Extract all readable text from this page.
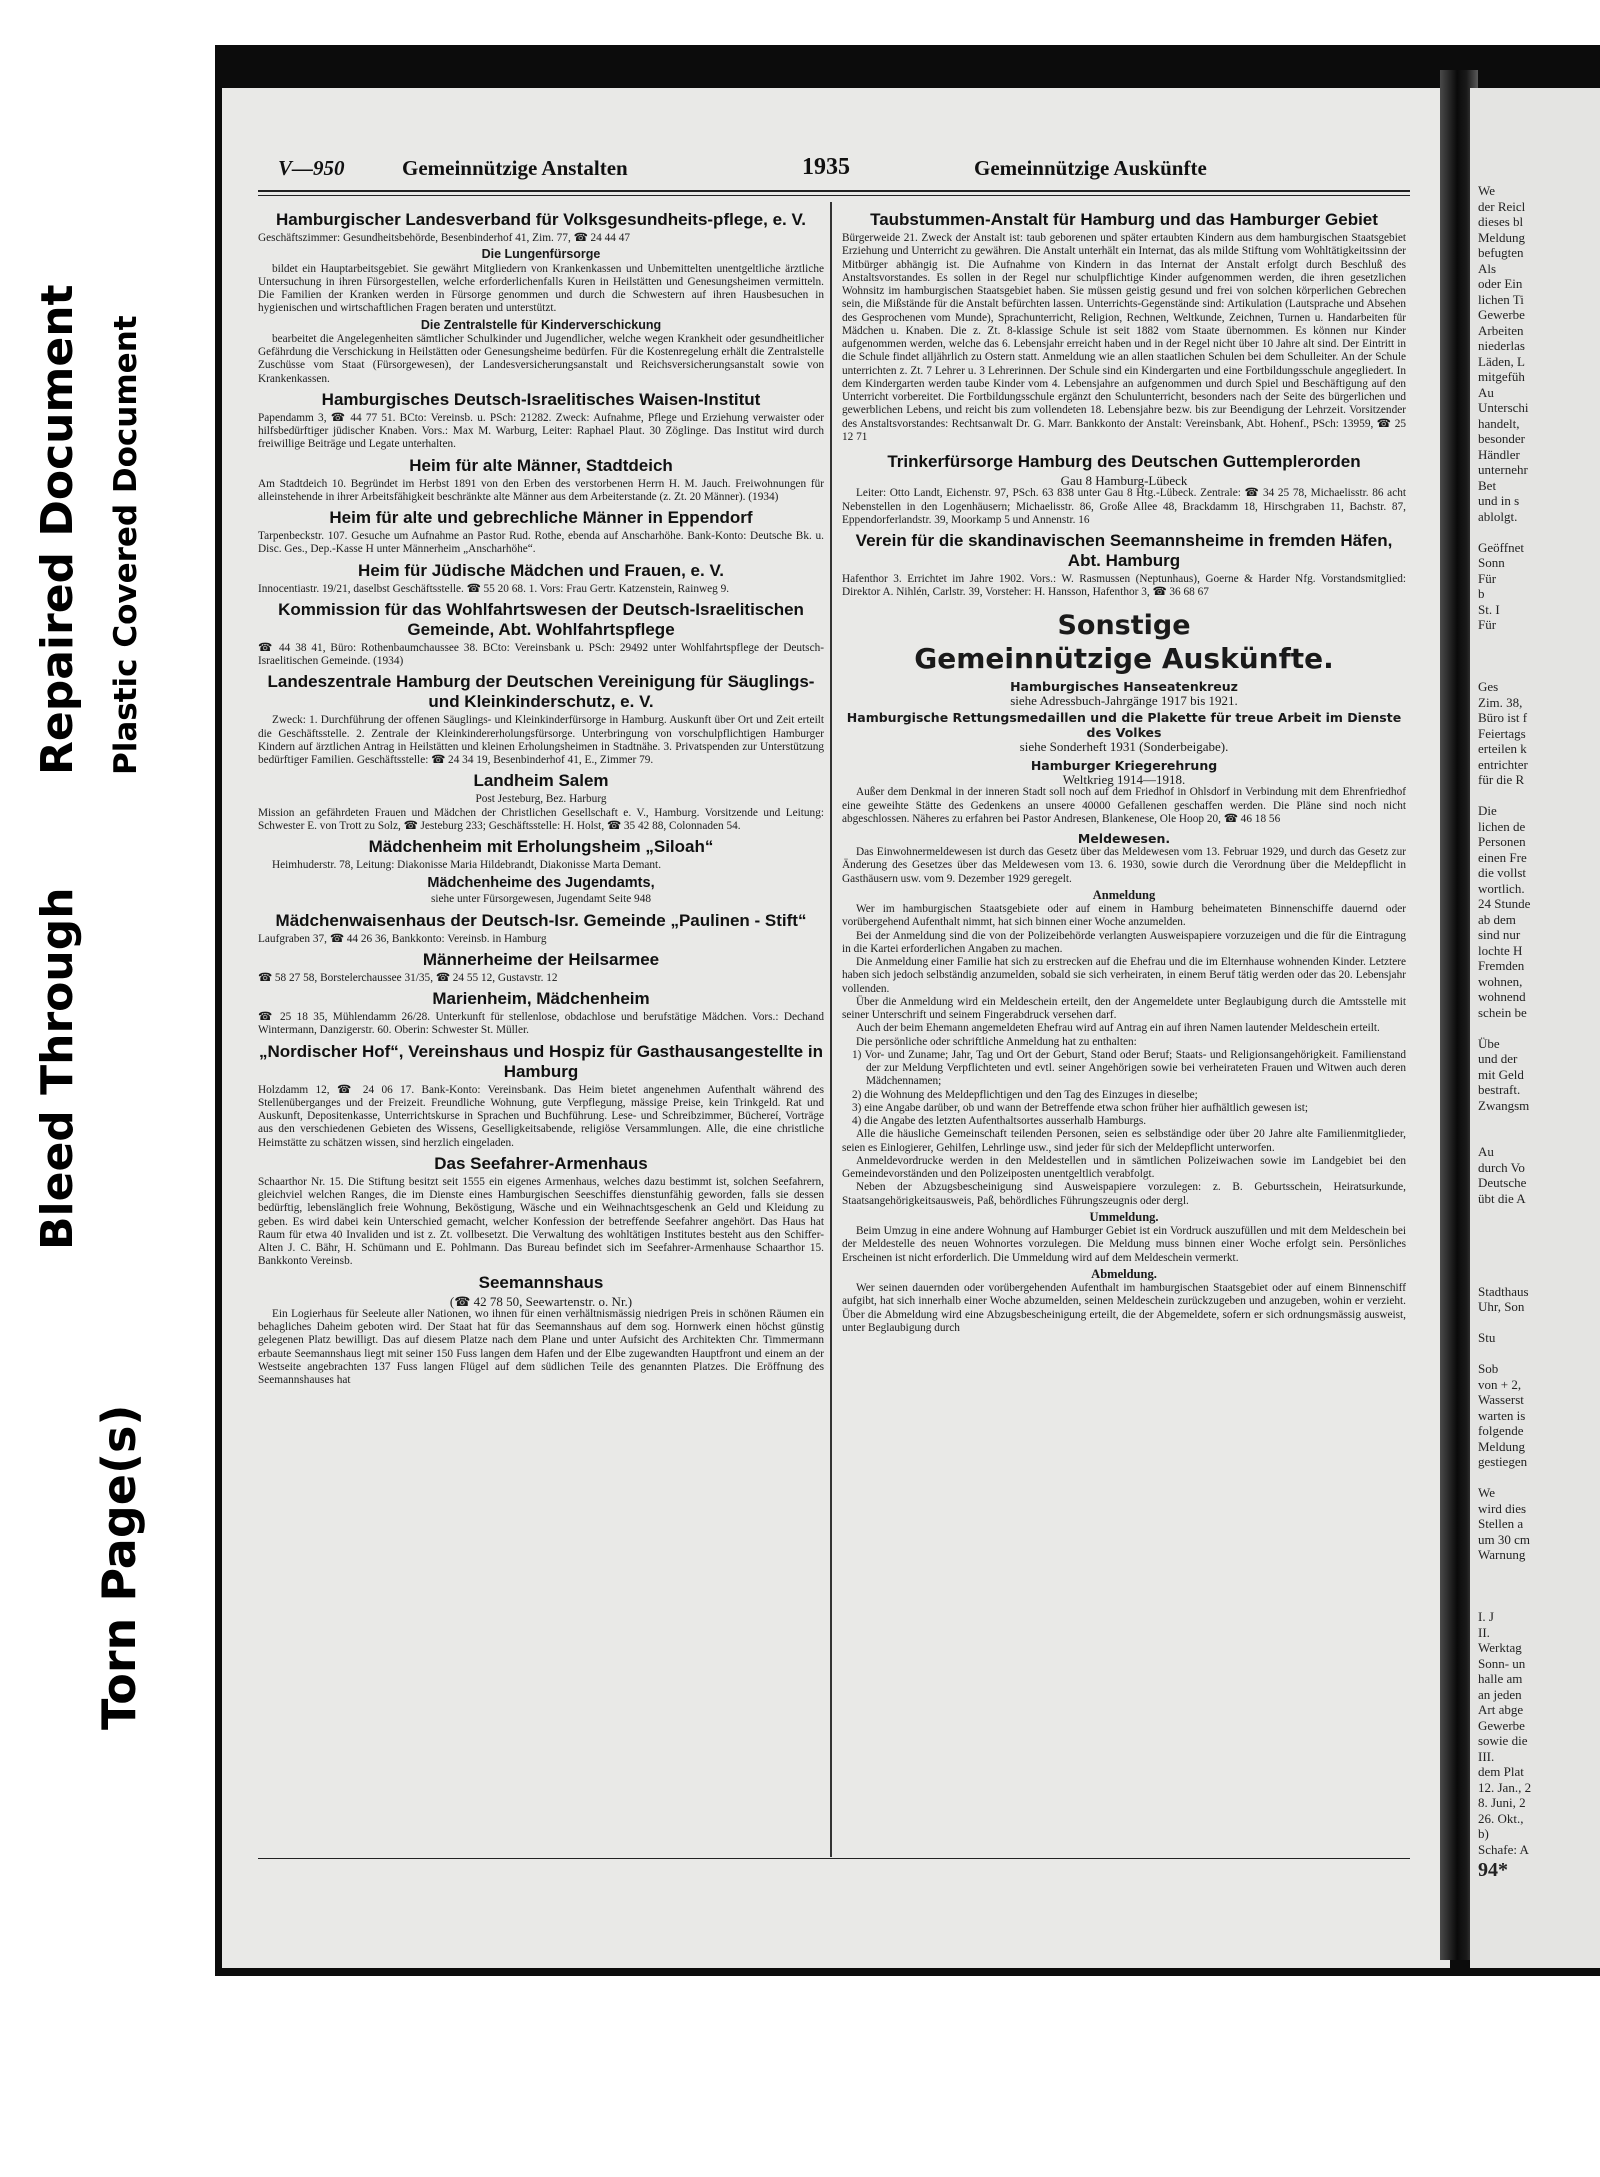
Torn Page(s)
Bleed Through
Repaired Document Plastic Covered Document
We
der Reicl
dieses bl
Meldung
befugten
Als
oder Ein
lichen Ti
Gewerbe
Arbeiten
niederlas
Läden, L
mitgefüh
Au
Unterschi
handelt,
besonder
Händler
unternehr
Bet
und in s
ablolgt.

Geöffnet
Sonn
Für
b
St. I
Für

Ges
Zim. 38,
Büro ist f
Feiertags
erteilen k
entrichter
für die R

Die
lichen de
Personen
einen Fre
die vollst
wortlich.
24 Stunde
ab dem
sind nur
lochte H
Fremden
wohnen,
wohnend
schein be

Übe
und der
mit Geld
bestraft.
Zwangsm

Au
durch Vo
Deutsche
übt die A

Stadthaus
Uhr, Son

Stu

Sob
von + 2,
Wasserst
warten is
folgende
Meldung
gestiegen

We
wird dies
Stellen a
um 30 cm
Warnung

I. J
II.
Werktag
Sonn- un
halle am
an jeden
Art abge
Gewerbe
sowie die
III.
dem Plat
12. Jan., 2
8. Juni, 2
26. Okt.,
b)
Schafe: A
94*
V—950	Gemeinnützige Anstalten	1935	Gemeinnützige Auskünfte
Hamburgischer Landesverband für Volksgesundheits-pflege, e. V.

Geschäftszimmer: Gesundheitsbehörde, Besenbinderhof 41, Zim. 77, ☎ 24 44 47

Die Lungenfürsorge

bildet ein Hauptarbeitsgebiet. Sie gewährt Mitgliedern von Krankenkassen und Unbemittelten unentgeltliche ärztliche Untersuchung in ihren Fürsorgestellen, welche erforderlichenfalls Kuren in Heilstätten und Genesungsheimen vermitteln. Die Familien der Kranken werden in Fürsorge genommen und durch die Schwestern auf ihren Hausbesuchen in hygienischen und wirtschaftlichen Fragen beraten und unterstützt.

Die Zentralstelle für Kinderverschickung

bearbeitet die Angelegenheiten sämtlicher Schulkinder und Jugendlicher, welche wegen Krankheit oder gesundheitlicher Gefährdung die Verschickung in Heilstätten oder Genesungsheime bedürfen. Für die Kostenregelung erhält die Zentralstelle Zuschüsse vom Staat (Fürsorgewesen), der Landesversicherungsanstalt und Reichsversicherungsanstalt sowie von Krankenkassen.

Hamburgisches Deutsch-Israelitisches Waisen-Institut

Papendamm 3, ☎ 44 77 51. BCto: Vereinsb. u. PSch: 21282. Zweck: Aufnahme, Pflege und Erziehung verwaister oder hilfsbedürftiger jüdischer Knaben. Vors.: Max M. Warburg, Leiter: Raphael Plaut. 30 Zöglinge. Das Institut wird durch freiwillige Beiträge und Legate unterhalten.

Heim für alte Männer, Stadtdeich

Am Stadtdeich 10. Begründet im Herbst 1891 von den Erben des verstorbenen Herrn H. M. Jauch. Freiwohnungen für alleinstehende in ihrer Arbeitsfähigkeit beschränkte alte Männer aus dem Arbeiterstande (z. Zt. 20 Männer). (1934)

Heim für alte und gebrechliche Männer in Eppendorf

Tarpenbeckstr. 107. Gesuche um Aufnahme an Pastor Rud. Rothe, ebenda auf Anscharhöhe. Bank-Konto: Deutsche Bk. u. Disc. Ges., Dep.-Kasse H unter Männerheim „Anscharhöhe“.

Heim für Jüdische Mädchen und Frauen, e. V.

Innocentiastr. 19/21, daselbst Geschäftsstelle. ☎ 55 20 68. 1. Vors: Frau Gertr. Katzenstein, Rainweg 9.

Kommission für das Wohlfahrtswesen der Deutsch-Israelitischen Gemeinde, Abt. Wohlfahrtspflege

☎ 44 38 41, Büro: Rothenbaumchaussee 38. BCto: Vereinsbank u. PSch: 29492 unter Wohlfahrtspflege der Deutsch-Israelitischen Gemeinde. (1934)

Landeszentrale Hamburg der Deutschen Vereinigung für Säuglings- und Kleinkinderschutz, e. V.

Zweck: 1. Durchführung der offenen Säuglings- und Kleinkinderfürsorge in Hamburg. Auskunft über Ort und Zeit erteilt die Geschäftsstelle. 2. Zentrale der Kleinkindererholungsfürsorge. Unterbringung von vorschulpflichtigen Hamburger Kindern auf ärztlichen Antrag in Heilstätten und kleinen Erholungsheimen in Stadtnähe. 3. Privatspenden zur Unterstützung bedürftiger Familien. Geschäftsstelle: ☎ 24 34 19, Besenbinderhof 41, E., Zimmer 79.

Landheim Salem

Post Jesteburg, Bez. Harburg

Mission an gefährdeten Frauen und Mädchen der Christlichen Gesellschaft e. V., Hamburg. Vorsitzende und Leitung: Schwester E. von Trott zu Solz, ☎ Jesteburg 233; Geschäftsstelle: H. Holst, ☎ 35 42 88, Colonnaden 54.

Mädchenheim mit Erholungsheim „Siloah“

Heimhuderstr. 78, Leitung: Diakonisse Maria Hildebrandt, Diakonisse Marta Demant.

Mädchenheime des Jugendamts,

siehe unter Fürsorgewesen, Jugendamt Seite 948

Mädchenwaisenhaus der Deutsch-Isr. Gemeinde „Paulinen - Stift“

Laufgraben 37, ☎ 44 26 36, Bankkonto: Vereinsb. in Hamburg

Männerheime der Heilsarmee

☎ 58 27 58, Borstelerchaussee 31/35, ☎ 24 55 12, Gustavstr. 12

Marienheim, Mädchenheim

☎ 25 18 35, Mühlendamm 26/28. Unterkunft für stellenlose, obdachlose und berufstätige Mädchen. Vors.: Dechand Wintermann, Danzigerstr. 60. Oberin: Schwester St. Müller.

„Nordischer Hof“, Vereinshaus und Hospiz für Gasthausangestellte in Hamburg

Holzdamm 12, ☎ 24 06 17. Bank-Konto: Vereinsbank. Das Heim bietet angenehmen Aufenthalt während des Stellenüberganges und der Freizeit. Freundliche Wohnung, gute Verpflegung, mässige Preise, kein Trinkgeld. Rat und Auskunft, Depositenkasse, Unterrichtskurse in Sprachen und Buchführung. Lese- und Schreibzimmer, Büchereí, Vorträge aus den verschiedenen Gebieten des Wissens, Geselligkeitsabende, religiöse Versammlungen. Alle, die eine christliche Heimstätte zu schätzen wissen, sind herzlich eingeladen.

Das Seefahrer-Armenhaus

Schaarthor Nr. 15. Die Stiftung besitzt seit 1555 ein eigenes Armenhaus, welches dazu bestimmt ist, solchen Seefahrern, gleichviel welchen Ranges, die im Dienste eines Hamburgischen Seeschiffes dienstunfähig geworden, falls sie dessen bedürftig, lebenslänglich freie Wohnung, Beköstigung, Wäsche und ein Weihnachtsgeschenk an Geld und Kleidung zu geben. Es wird dabei kein Unterschied gemacht, welcher Konfession der betreffende Seefahrer angehört. Das Haus hat Raum für etwa 40 Invaliden und ist z. Zt. vollbesetzt. Die Verwaltung des wohltätigen Institutes besteht aus den Schiffer-Alten J. C. Bähr, H. Schümann und E. Pohlmann. Das Bureau befindet sich im Seefahrer-Armenhause Schaarthor 15. Bankkonto Vereinsb.

Seemannshaus

(☎ 42 78 50, Seewartenstr. o. Nr.)

Ein Logierhaus für Seeleute aller Nationen, wo ihnen für einen verhältnismässig niedrigen Preis in schönen Räumen ein behagliches Daheim geboten wird. Der Staat hat für das Seemannshaus auf dem sog. Hornwerk einen höchst günstig gelegenen Platz bewilligt. Das auf diesem Platze nach dem Plane und unter Aufsicht des Architekten Chr. Timmermann erbaute Seemannshaus liegt mit seiner 150 Fuss langen dem Hafen und der Elbe zugewandten Hauptfront und einem an der Westseite angebrachten 137 Fuss langen Flügel auf dem südlichen Teile des genannten Platzes. Die Eröffnung des Seemannshauses hat

Taubstummen-Anstalt für Hamburg und das Hamburger Gebiet

Bürgerweide 21. Zweck der Anstalt ist: taub geborenen und später ertaubten Kindern aus dem hamburgischen Staatsgebiet Erziehung und Unterricht zu gewähren. Die Anstalt unterhält ein Internat, das als milde Stiftung vom Wohltätigkeitssinn der Mitbürger abhängig ist. Die Aufnahme von Kindern in das Internat der Anstalt erfolgt durch Beschluß des Anstaltsvorstandes. Es sollen in der Regel nur schulpflichtige Kinder aufgenommen werden, die ihren gesetzlichen Wohnsitz im hamburgischen Staatsgebiet haben. Sie müssen geistig gesund und frei von solchen körperlichen Gebrechen sein, die Mißstände für die Anstalt befürchten lassen. Unterrichts-Gegenstände sind: Artikulation (Lautsprache und Absehen des Gesprochenen vom Munde), Sprachunterricht, Religion, Rechnen, Weltkunde, Zeichnen, Turnen u. Handarbeiten für Mädchen u. Knaben. Die z. Zt. 8-klassige Schule ist seit 1882 vom Staate übernommen. Es können nur Kinder aufgenommen werden, welche das 6. Lebensjahr erreicht haben und in der Regel nicht über 10 Jahre alt sind. Der Eintritt in die Schule findet alljährlich zu Ostern statt. Anmeldung wie an allen staatlichen Schulen bei dem Schulleiter. An der Schule unterrichten z. Zt. 7 Lehrer u. 3 Lehrerinnen. Der Schule sind ein Kindergarten und eine Fortbildungsschule angegliedert. In dem Kindergarten werden taube Kinder vom 4. Lebensjahre an aufgenommen und durch Spiel und Beschäftigung auf den Unterricht vorbereitet. Die Fortbildungsschule ergänzt den Schulunterricht, besonders nach der Seite des bürgerlichen und gewerblichen Lebens, und reicht bis zum vollendeten 18. Lebensjahre bezw. bis zur Beendigung der Lehrzeit. Vorsitzender des Anstaltsvorstandes: Rechtsanwalt Dr. G. Marr. Bankkonto der Anstalt: Vereinsbank, Abt. Hohenf., PSch: 13959, ☎ 25 12 71

Trinkerfürsorge Hamburg des Deutschen Guttemplerorden

Gau 8 Hamburg-Lübeck

Leiter: Otto Landt, Eichenstr. 97, PSch. 63 838 unter Gau 8 Htg.-Lübeck. Zentrale: ☎ 34 25 78, Michaelisstr. 86 acht Nebenstellen in den Logenhäusern; Michaelisstr. 86, Große Allee 48, Brackdamm 18, Hirschgraben 11, Bachstr. 87, Eppendorferlandstr. 39, Moorkamp 5 und Annenstr. 16

Verein für die skandinavischen Seemannsheime in fremden Häfen, Abt. Hamburg

Hafenthor 3. Errichtet im Jahre 1902. Vors.: W. Rasmussen (Neptunhaus), Goerne & Harder Nfg. Vorstandsmitglied: Direktor A. Nihlén, Carlstr. 39, Vorsteher: H. Hansson, Hafenthor 3, ☎ 36 68 67

Sonstige
Gemeinnützige Auskünfte.
Hamburgisches Hanseatenkreuz

siehe Adressbuch-Jahrgänge 1917 bis 1921.

Hamburgische Rettungsmedaillen und die Plakette für treue Arbeit im Dienste des Volkes

siehe Sonderheft 1931 (Sonderbeigabe).

Hamburger Kriegerehrung

Weltkrieg 1914—1918.

Außer dem Denkmal in der inneren Stadt soll noch auf dem Friedhof in Ohlsdorf in Verbindung mit dem Ehrenfriedhof eine geweihte Stätte des Gedenkens an unsere 40000 Gefallenen geschaffen werden. Die Pläne sind noch nicht abgeschlossen. Näheres zu erfahren bei Pastor Andresen, Blankenese, Ole Hoop 20, ☎ 46 18 56

Meldewesen.

Das Einwohnermeldewesen ist durch das Gesetz über das Meldewesen vom 13. Februar 1929, und durch das Gesetz zur Änderung des Gesetzes über das Meldewesen vom 13. 6. 1930, sowie durch die Verordnung über die Meldepflicht in Gasthäusern usw. vom 9. Dezember 1929 geregelt.

Anmeldung

Wer im hamburgischen Staatsgebiete oder auf einem in Hamburg beheimateten Binnenschiffe dauernd oder vorübergehend Aufenthalt nimmt, hat sich binnen einer Woche anzumelden.

Bei der Anmeldung sind die von der Polizeibehörde verlangten Ausweispapiere vorzuzeigen und die für die Eintragung in die Kartei erforderlichen Angaben zu machen.

Die Anmeldung einer Familie hat sich zu erstrecken auf die Ehefrau und die im Elternhause wohnenden Kinder. Letztere haben sich jedoch selbständig anzumelden, sobald sie sich verheiraten, in einem Beruf tätig werden oder das 20. Lebensjahr vollenden.

Über die Anmeldung wird ein Meldeschein erteilt, den der Angemeldete unter Beglaubigung durch die Amtsstelle mit seiner Unterschrift und seinem Fingerabdruck versehen darf.

Auch der beim Ehemann angemeldeten Ehefrau wird auf Antrag ein auf ihren Namen lautender Meldeschein erteilt.

Die persönliche oder schriftliche Anmeldung hat zu enthalten:

1) Vor- und Zuname; Jahr, Tag und Ort der Geburt, Stand oder Beruf; Staats- und Religionsangehörigkeit. Familienstand der zur Meldung Verpflichteten und evtl. seiner Angehörigen sowie bei verheirateten Frauen und Witwen auch deren Mädchennamen;

2) die Wohnung des Meldepflichtigen und den Tag des Einzuges in dieselbe;

3) eine Angabe darüber, ob und wann der Betreffende etwa schon früher hier aufhältlich gewesen ist;

4) die Angabe des letzten Aufenthaltsortes ausserhalb Hamburgs.

Alle die häusliche Gemeinschaft teilenden Personen, seien es selbständige oder über 20 Jahre alte Familienmitglieder, seien es Einlogierer, Gehilfen, Lehrlinge usw., sind jeder für sich der Meldepflicht unterworfen.

Anmeldevordrucke werden in den Meldestellen und in sämtlichen Polizeiwachen sowie im Landgebiet bei den Gemeindevorständen und den Polizeiposten unentgeltlich verabfolgt.

Neben der Abzugsbescheinigung sind Ausweispapiere vorzulegen: z. B. Geburtsschein, Heiratsurkunde, Staatsangehörigkeitsausweis, Paß, behördliches Führungszeugnis oder dergl.

Ummeldung.

Beim Umzug in eine andere Wohnung auf Hamburger Gebiet ist ein Vordruck auszufüllen und mit dem Meldeschein bei der Meldestelle des neuen Wohnortes vorzulegen. Die Meldung muss binnen einer Woche erfolgt sein. Persönliches Erscheinen ist nicht erforderlich. Die Ummeldung wird auf dem Meldeschein vermerkt.

Abmeldung.

Wer seinen dauernden oder vorübergehenden Aufenthalt im hamburgischen Staatsgebiet oder auf einem Binnenschiff aufgibt, hat sich innerhalb einer Woche abzumelden, seinen Meldeschein zurückzugeben und anzugeben, wohin er verzieht. Über die Abmeldung wird eine Abzugsbescheinigung erteilt, die der Abgemeldete, sofern er sich ordnungsmässig ausweist, unter Beglaubigung durch
